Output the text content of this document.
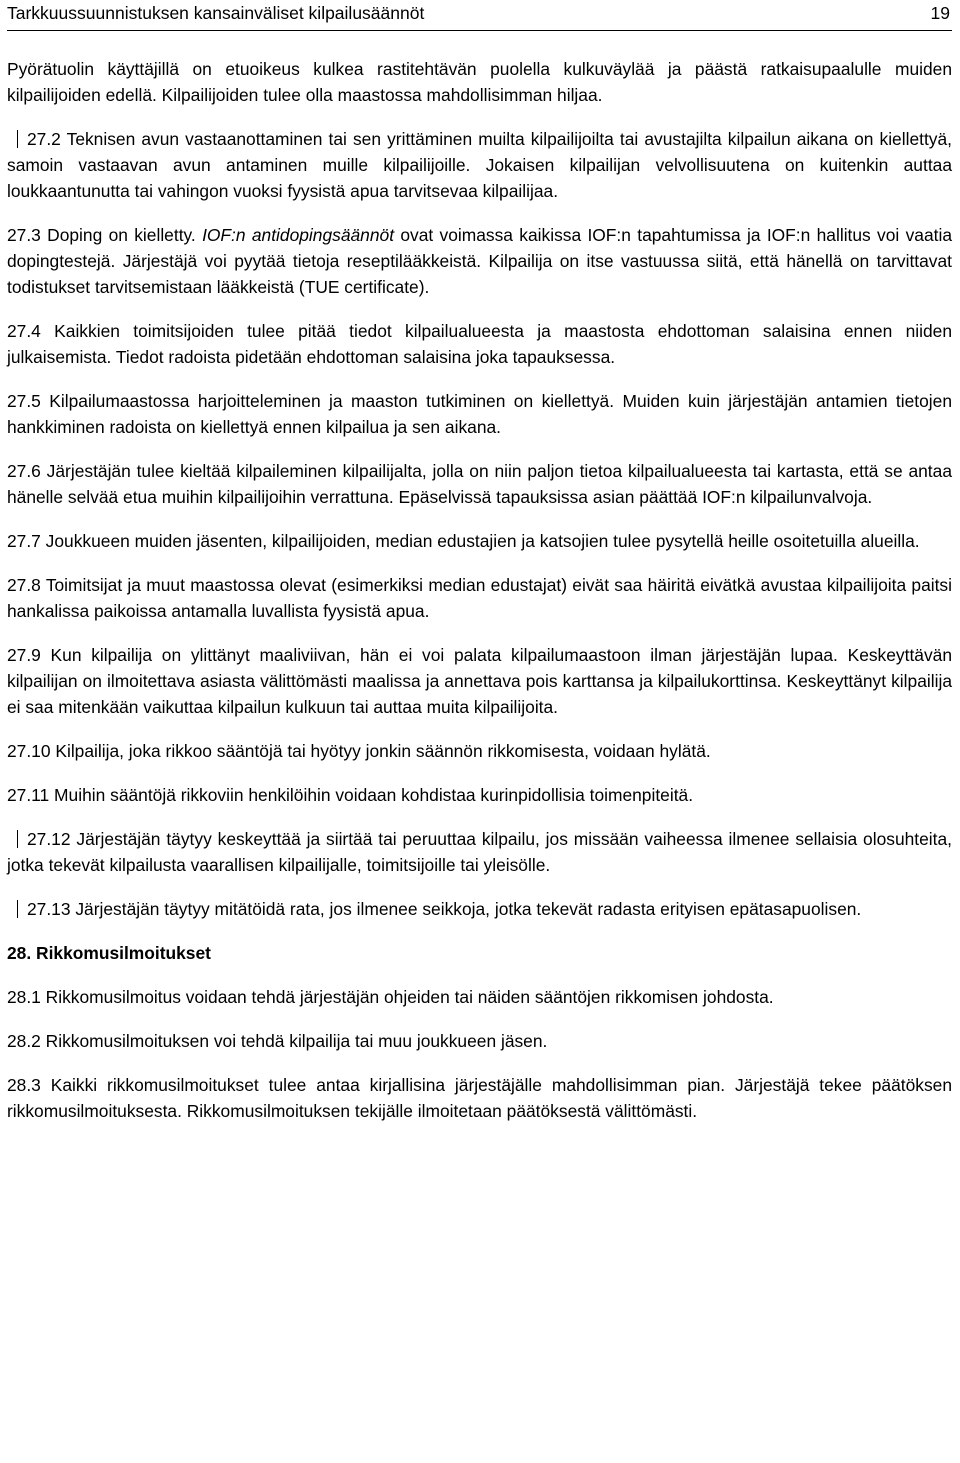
Tarkkuussuunnistuksen kansainväliset kilpailusäännöt	19

Pyörätuolin käyttäjillä on etuoikeus kulkea rastitehtävän puolella kulkuväylää ja päästä ratkaisupaalulle muiden kilpailijoiden edellä. Kilpailijoiden tulee olla maastossa mahdollisimman hiljaa.

27.2 Teknisen avun vastaanottaminen tai sen yrittäminen muilta kilpailijoilta tai avustajilta kilpailun aikana on kiellettyä, samoin vastaavan avun antaminen muille kilpailijoille. Jokaisen kilpailijan velvollisuutena on kuitenkin auttaa loukkaantunutta tai vahingon vuoksi fyysistä apua tarvitsevaa kilpailijaa.

27.3 Doping on kielletty. IOF:n antidopingsäännöt ovat voimassa kaikissa IOF:n tapahtumissa ja IOF:n hallitus voi vaatia dopingtestejä. Järjestäjä voi pyytää tietoja reseptilääkkeistä. Kilpailija on itse vastuussa siitä, että hänellä on tarvittavat todistukset tarvitsemistaan lääkkeistä (TUE certificate).

27.4 Kaikkien toimitsijoiden tulee pitää tiedot kilpailualueesta ja maastosta ehdottoman salaisina ennen niiden julkaisemista. Tiedot radoista pidetään ehdottoman salaisina joka tapauksessa.

27.5 Kilpailumaastossa harjoitteleminen ja maaston tutkiminen on kiellettyä. Muiden kuin järjestäjän antamien tietojen hankkiminen radoista on kiellettyä ennen kilpailua ja sen aikana.

27.6 Järjestäjän tulee kieltää kilpaileminen kilpailijalta, jolla on niin paljon tietoa kilpailualueesta tai kartasta, että se antaa hänelle selvää etua muihin kilpailijoihin verrattuna. Epäselvissä tapauksissa asian päättää IOF:n kilpailunvalvoja.

27.7 Joukkueen muiden jäsenten, kilpailijoiden, median edustajien ja katsojien tulee pysytellä heille osoitetuilla alueilla.

27.8 Toimitsijat ja muut maastossa olevat (esimerkiksi median edustajat) eivät saa häiritä eivätkä avustaa kilpailijoita paitsi hankalissa paikoissa antamalla luvallista fyysistä apua.

27.9 Kun kilpailija on ylittänyt maaliviivan, hän ei voi palata kilpailumaastoon ilman järjestäjän lupaa. Keskeyttävän kilpailijan on ilmoitettava asiasta välittömästi maalissa ja annettava pois karttansa ja kilpailukorttinsa. Keskeyttänyt kilpailija ei saa mitenkään vaikuttaa kilpailun kulkuun tai auttaa muita kilpailijoita.

27.10 Kilpailija, joka rikkoo sääntöjä tai hyötyy jonkin säännön rikkomisesta, voidaan hylätä.

27.11 Muihin sääntöjä rikkoviin henkilöihin voidaan kohdistaa kurinpidollisia toimenpiteitä.

27.12 Järjestäjän täytyy keskeyttää ja siirtää tai peruuttaa kilpailu, jos missään vaiheessa ilmenee sellaisia olosuhteita, jotka tekevät kilpailusta vaarallisen kilpailijalle, toimitsijoille tai yleisölle.

27.13 Järjestäjän täytyy mitätöidä rata, jos ilmenee seikkoja, jotka tekevät radasta erityisen epätasapuolisen.

28. Rikkomusilmoitukset

28.1 Rikkomusilmoitus voidaan tehdä järjestäjän ohjeiden tai näiden sääntöjen rikkomisen johdosta.

28.2 Rikkomusilmoituksen voi tehdä kilpailija tai muu joukkueen jäsen.

28.3 Kaikki rikkomusilmoitukset tulee antaa kirjallisina järjestäjälle mahdollisimman pian. Järjestäjä tekee päätöksen rikkomusilmoituksesta. Rikkomusilmoituksen tekijälle ilmoitetaan päätöksestä välittömästi.
